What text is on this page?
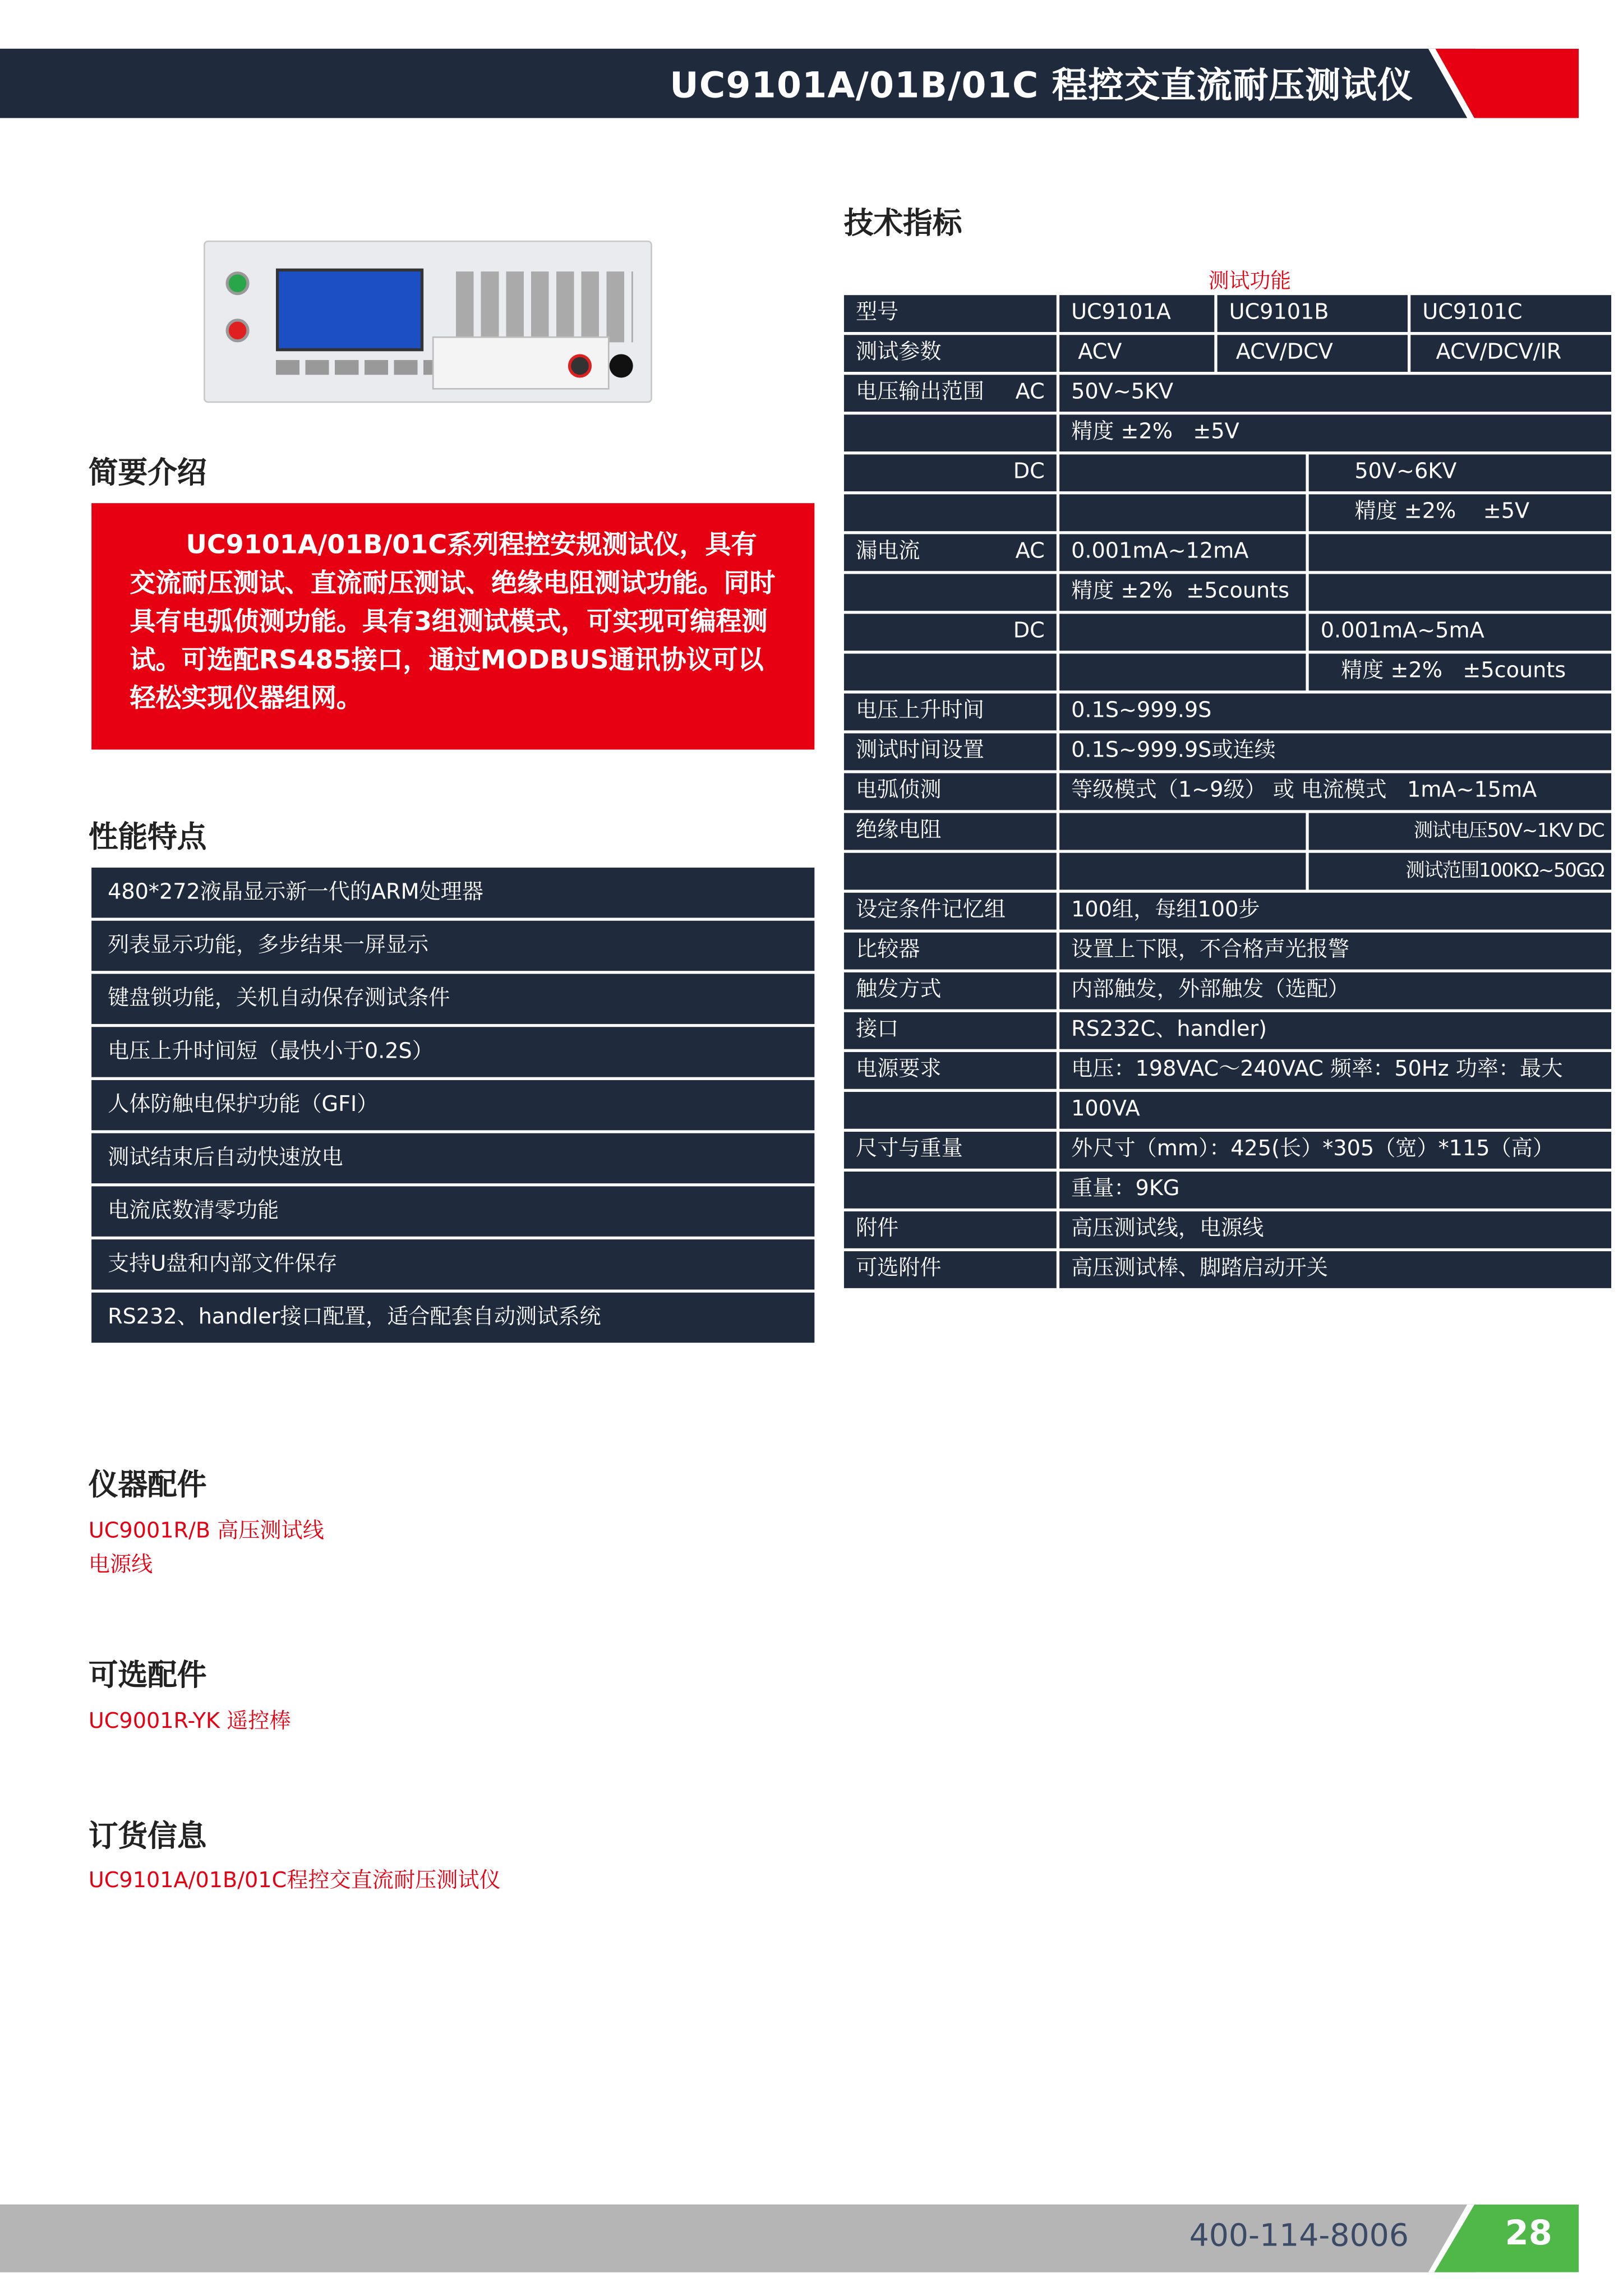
UC9101A/01B/01C 程控交直流耐压测试仪
简要介绍
UC9101A/01B/01C系列程控安规测试仪，具有交流耐压测试、直流耐压测试、绝缘电阻测试功能。同时具有电弧侦测功能。具有3组测试模式，可实现可编程测试。可选配RS485接口，通过MODBUS通讯协议可以轻松实现仪器组网。
性能特点
480*272液晶显示新一代的ARM处理器
列表显示功能，多步结果一屏显示
键盘锁功能，关机自动保存测试条件
电压上升时间短（最快小于0.2S）
人体防触电保护功能（GFI）
测试结束后自动快速放电
电流底数清零功能
支持U盘和内部文件保存
RS232、handler接口配置，适合配套自动测试系统
仪器配件
UC9001R/B 高压测试线
电源线
可选配件
UC9001R-YK 遥控棒
订货信息
UC9101A/01B/01C程控交直流耐压测试仪
技术指标
测试功能
型号	UC9101A	UC9101B	UC9101C
测试参数	ACV	ACV/DCV	ACV/DCV/IR
电压输出范围	AC	50V~5KV
精度 ±2%   ±5V
DC	50V~6KV
精度 ±2%    ±5V
漏电流	AC	0.001mA~12mA
精度 ±2%  ±5counts
DC	0.001mA~5mA
精度 ±2%   ±5counts
电压上升时间	0.1S~999.9S
测试时间设置	0.1S~999.9S或连续
电弧侦测	等级模式（1~9级） 或 电流模式   1mA~15mA
绝缘电阻	测试电压50V~1KV DC
测试范围100KΩ~50GΩ
设定条件记忆组	100组，每组100步
比较器	设置上下限，不合格声光报警
触发方式	内部触发，外部触发（选配）
接口	RS232C、handler)
电源要求	电压：198VAC～240VAC 频率：50Hz 功率：最大
100VA
尺寸与重量	外尺寸（mm）：425(长）*305（宽）*115（高）
重量：9KG
附件	高压测试线，电源线
可选附件	高压测试棒、脚踏启动开关
400-114-8006	28
